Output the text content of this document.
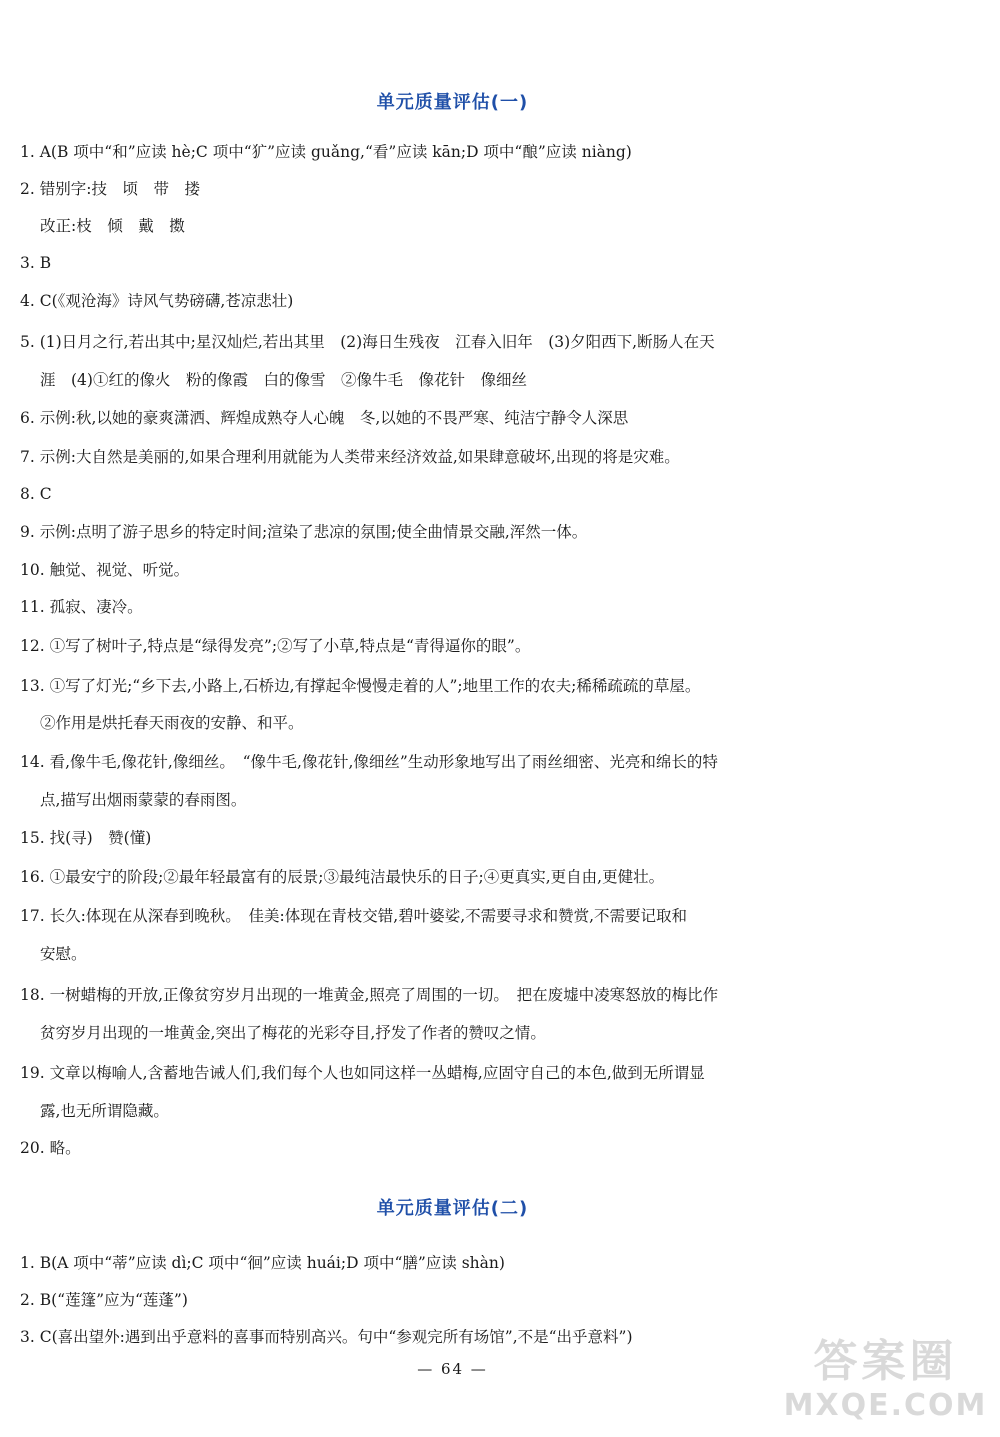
单元质量评估(一)
1. A(B 项中“和”应读 hè;C 项中“犷”应读 guǎng,“看”应读 kān;D 项中“酿”应读 niàng)
2. 错别字:技　顷　带　搂
改正:枝　倾　戴　擞
3. B
4. C(《观沧海》诗风气势磅礴,苍凉悲壮)
5. (1)日月之行,若出其中;星汉灿烂,若出其里　(2)海日生残夜　江春入旧年　(3)夕阳西下,断肠人在天
涯　(4)①红的像火　粉的像霞　白的像雪　②像牛毛　像花针　像细丝
6. 示例:秋,以她的豪爽潇洒、辉煌成熟夺人心魄　冬,以她的不畏严寒、纯洁宁静令人深思
7. 示例:大自然是美丽的,如果合理利用就能为人类带来经济效益,如果肆意破坏,出现的将是灾难。
8. C
9. 示例:点明了游子思乡的特定时间;渲染了悲凉的氛围;使全曲情景交融,浑然一体。
10. 触觉、视觉、听觉。
11. 孤寂、凄冷。
12. ①写了树叶子,特点是“绿得发亮”;②写了小草,特点是“青得逼你的眼”。
13. ①写了灯光;“乡下去,小路上,石桥边,有撑起伞慢慢走着的人”;地里工作的农夫;稀稀疏疏的草屋。
②作用是烘托春天雨夜的安静、和平。
14. 看,像牛毛,像花针,像细丝。　“像牛毛,像花针,像细丝”生动形象地写出了雨丝细密、光亮和绵长的特
点,描写出烟雨蒙蒙的春雨图。
15. 找(寻)　赞(懂)
16. ①最安宁的阶段;②最年轻最富有的辰景;③最纯洁最快乐的日子;④更真实,更自由,更健壮。
17. 长久:体现在从深春到晚秋。　佳美:体现在青枝交错,碧叶婆娑,不需要寻求和赞赏,不需要记取和
安慰。
18. 一树蜡梅的开放,正像贫穷岁月出现的一堆黄金,照亮了周围的一切。　把在废墟中凌寒怒放的梅比作
贫穷岁月出现的一堆黄金,突出了梅花的光彩夺目,抒发了作者的赞叹之情。
19. 文章以梅喻人,含蓄地告诫人们,我们每个人也如同这样一丛蜡梅,应固守自己的本色,做到无所谓显
露,也无所谓隐藏。
20. 略。
单元质量评估(二)
1. B(A 项中“蒂”应读 dì;C 项中“徊”应读 huái;D 项中“膳”应读 shàn)
2. B(“莲篷”应为“莲蓬”)
3. C(喜出望外:遇到出乎意料的喜事而特别高兴。句中“参观完所有场馆”,不是“出乎意料”)
— 64 —	答案圈
MXQE.COM
